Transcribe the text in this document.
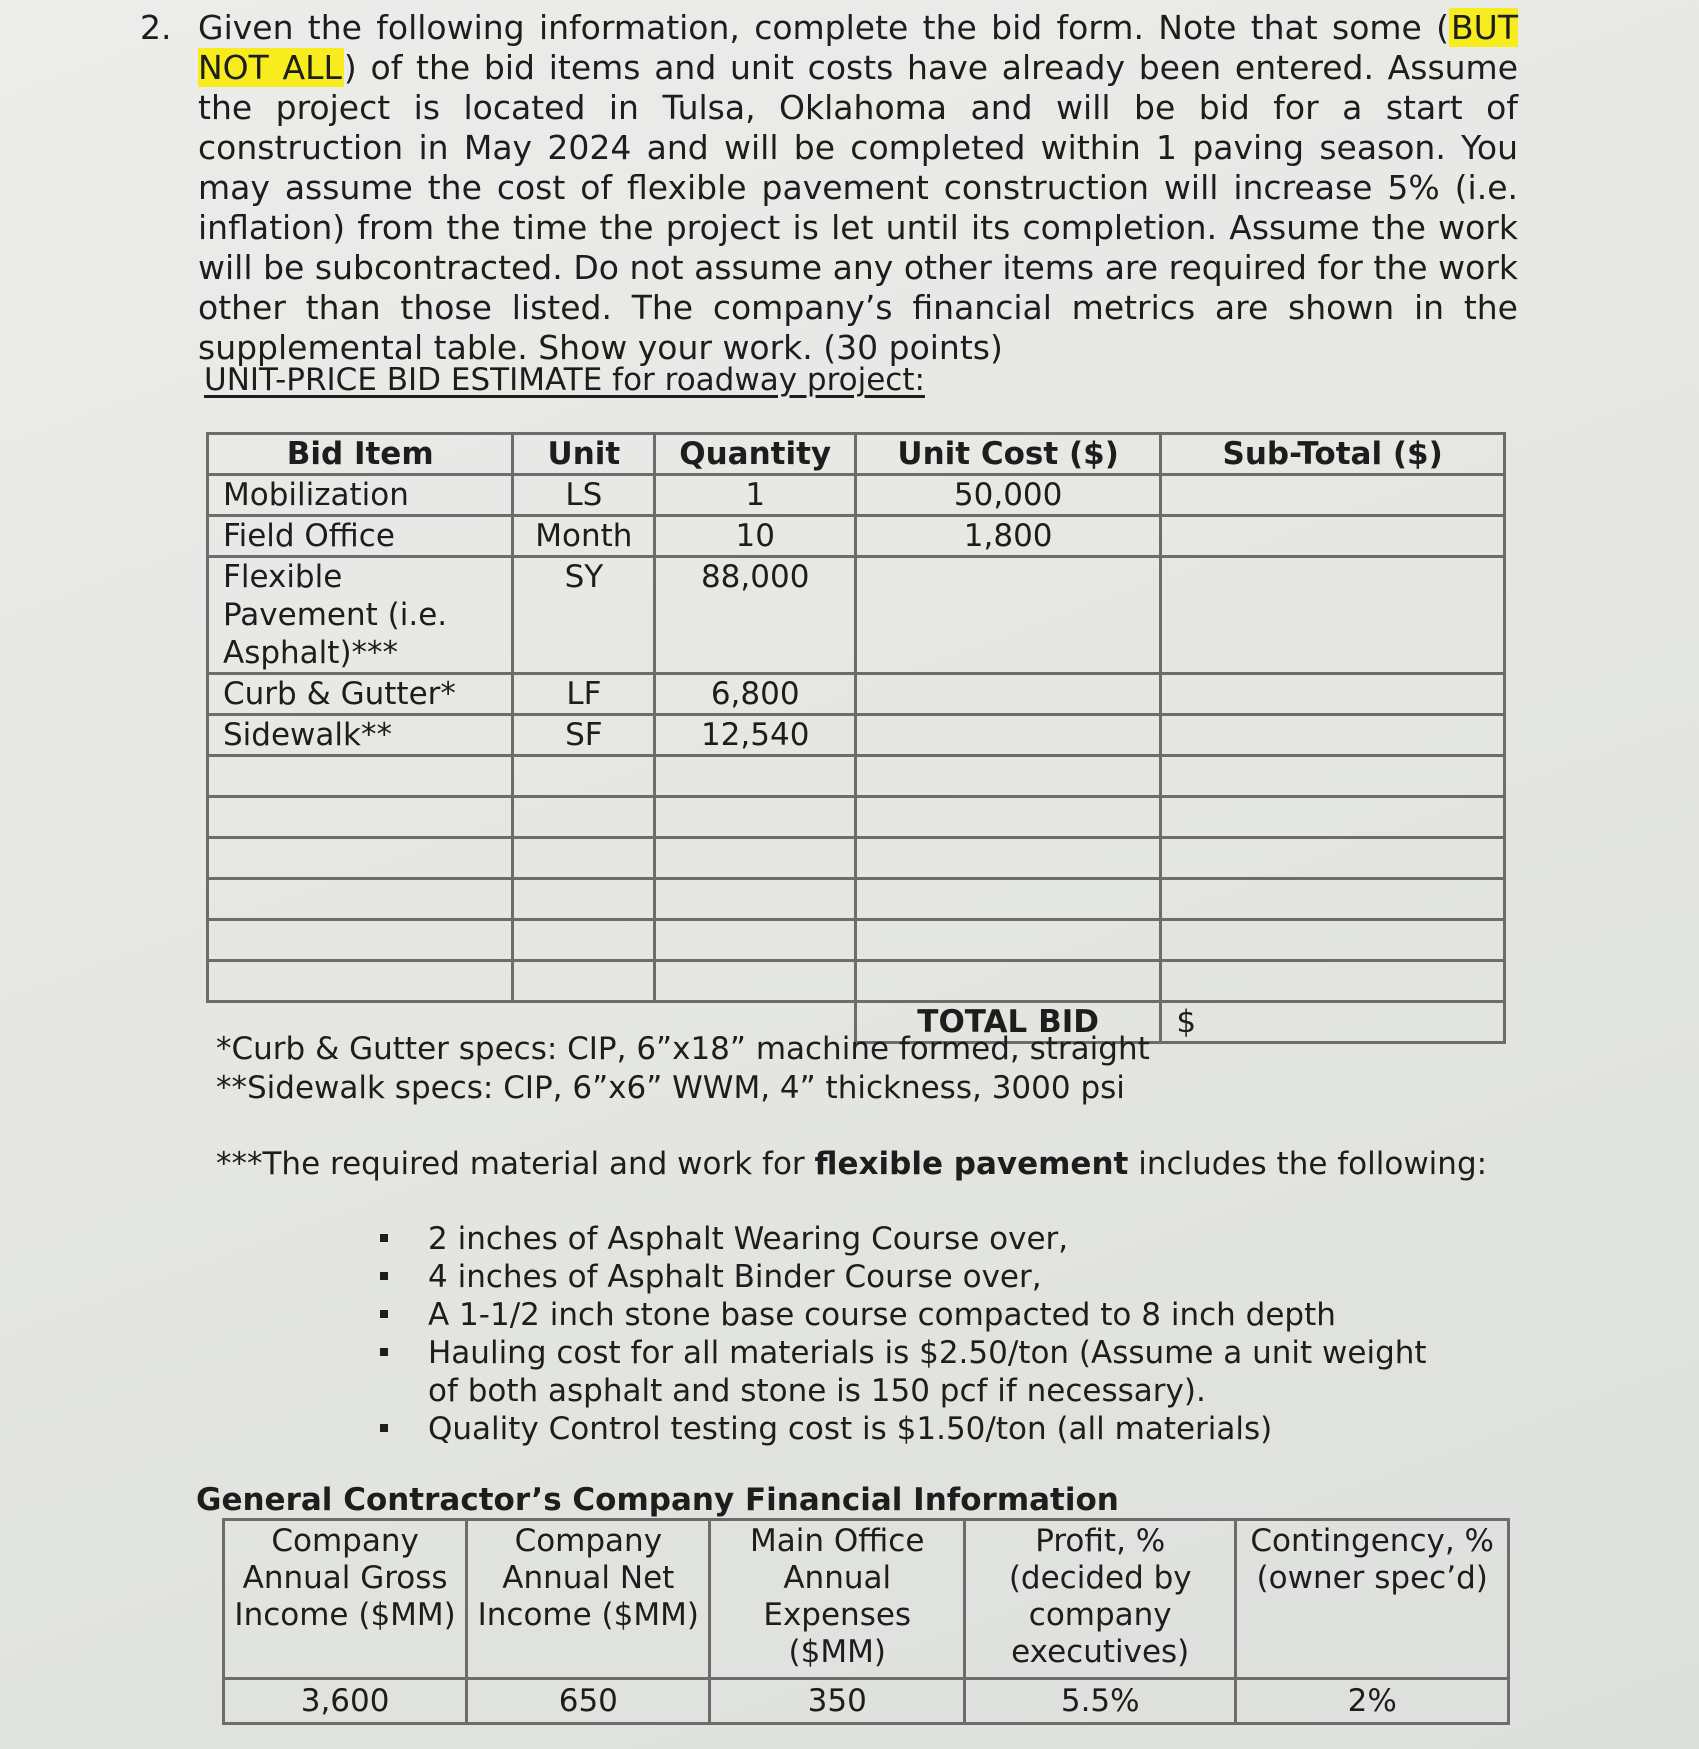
2. Given the following information, complete the bid form. Note that some (BUT NOT ALL) of the bid items and unit costs have already been entered. Assume the project is located in Tulsa, Oklahoma and will be bid for a start of construction in May 2024 and will be completed within 1 paving season. You may assume the cost of flexible pavement construction will increase 5% (i.e. inflation) from the time the project is let until its completion. Assume the work will be subcontracted. Do not assume any other items are required for the work other than those listed. The company’s financial metrics are shown in the supplemental table. Show your work. (30 points)
UNIT-PRICE BID ESTIMATE for roadway project:
Bid Item	Unit	Quantity	Unit Cost ($)	Sub-Total ($)
Mobilization	LS	1	50,000	
Field Office	Month	10	1,800	
Flexible Pavement (i.e. Asphalt)***	SY	88,000		
Curb & Gutter*	LF	6,800		
Sidewalk**	SF	12,540		

			TOTAL BID	$
*Curb & Gutter specs: CIP, 6”x18” machine formed, straight
**Sidewalk specs: CIP, 6”x6” WWM, 4” thickness, 3000 psi
***The required material and work for flexible pavement includes the following:
2 inches of Asphalt Wearing Course over,
4 inches of Asphalt Binder Course over,
A 1-1/2 inch stone base course compacted to 8 inch depth
Hauling cost for all materials is $2.50/ton (Assume a unit weight of both asphalt and stone is 150 pcf if necessary).
Quality Control testing cost is $1.50/ton (all materials)
General Contractor’s Company Financial Information
Company Annual Gross Income ($MM)	Company Annual Net Income ($MM)	Main Office Annual Expenses ($MM)	Profit, % (decided by company executives)	Contingency, % (owner spec’d)
3,600	650	350	5.5%	2%
